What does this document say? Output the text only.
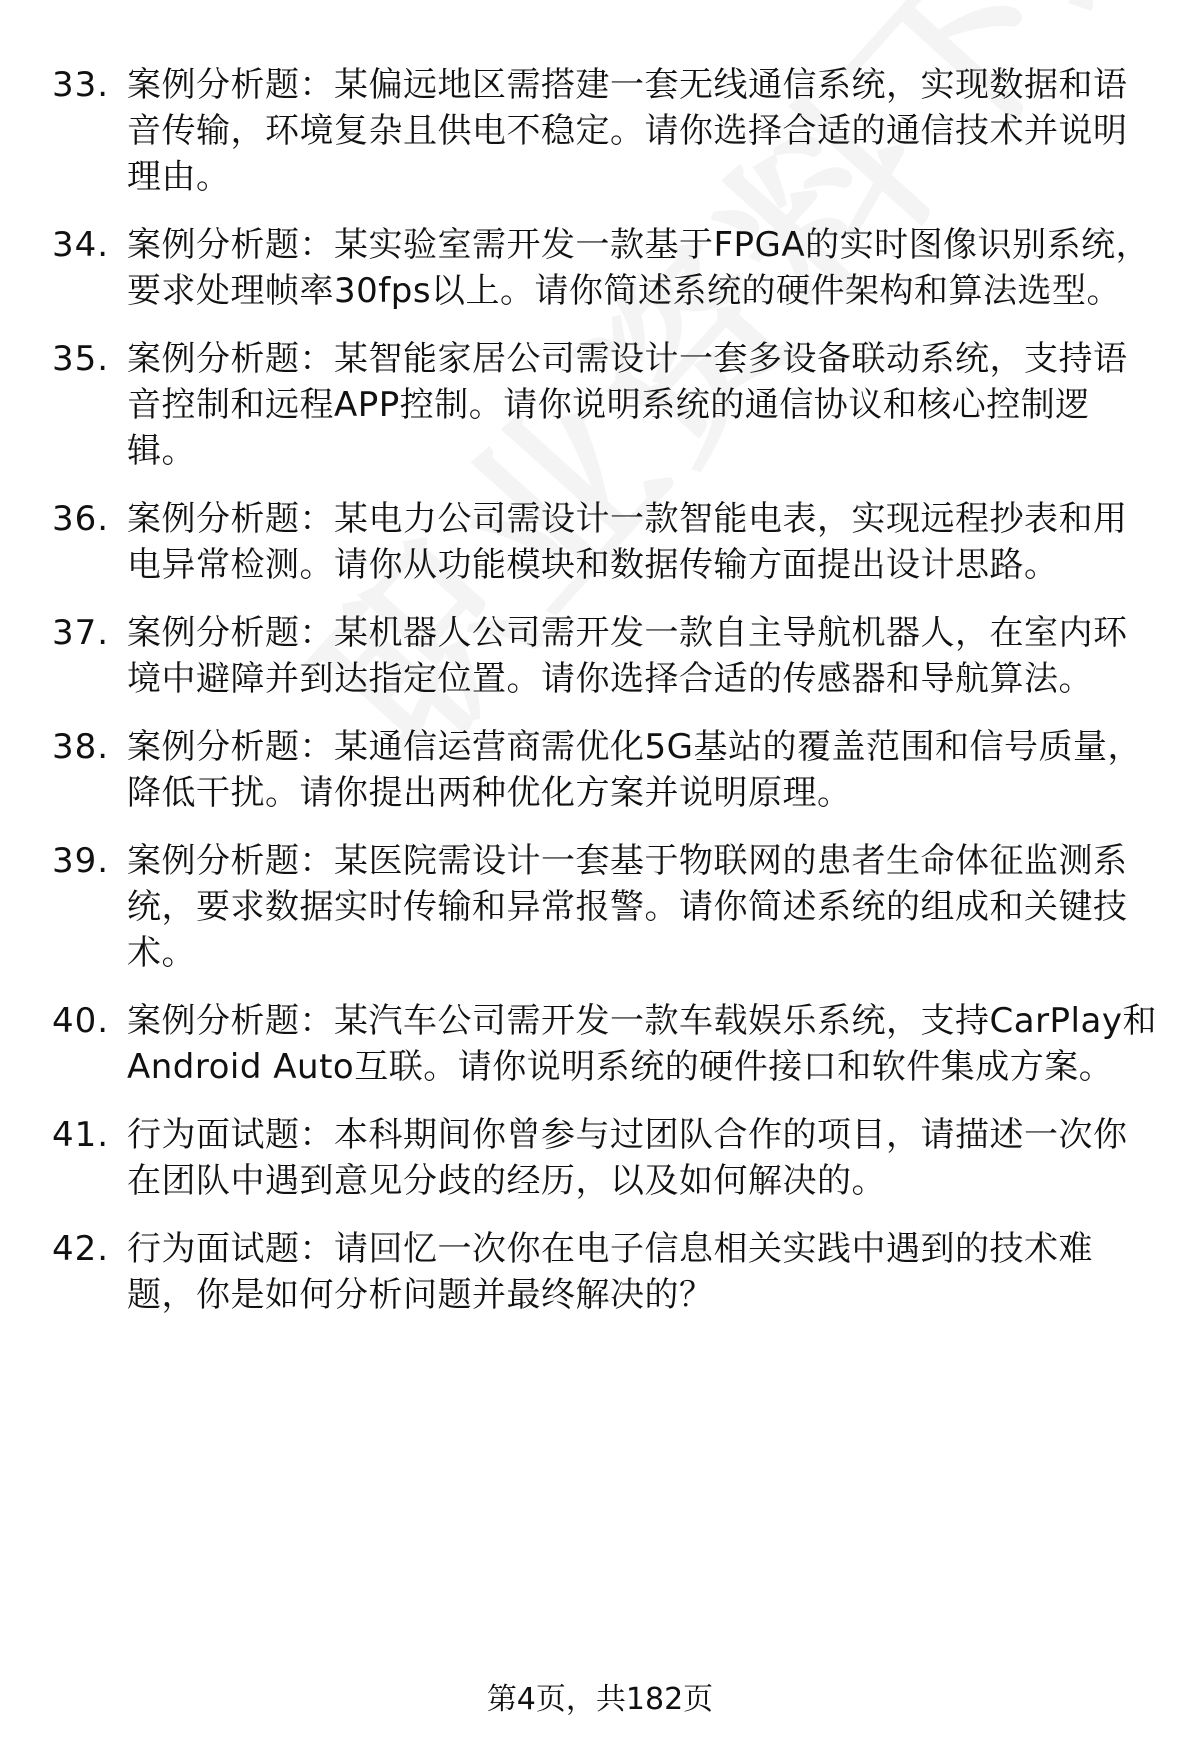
33. 案例分析题：某偏远地区需搭建一套无线通信系统，实现数据和语音传输，环境复杂且供电不稳定。请你选择合适的通信技术并说明理由。
34. 案例分析题：某实验室需开发一款基于FPGA的实时图像识别系统，要求处理帧率30fps以上。请你简述系统的硬件架构和算法选型。
35. 案例分析题：某智能家居公司需设计一套多设备联动系统，支持语音控制和远程APP控制。请你说明系统的通信协议和核心控制逻辑。
36. 案例分析题：某电力公司需设计一款智能电表，实现远程抄表和用电异常检测。请你从功能模块和数据传输方面提出设计思路。
37. 案例分析题：某机器人公司需开发一款自主导航机器人，在室内环境中避障并到达指定位置。请你选择合适的传感器和导航算法。
38. 案例分析题：某通信运营商需优化5G基站的覆盖范围和信号质量，降低干扰。请你提出两种优化方案并说明原理。
39. 案例分析题：某医院需设计一套基于物联网的患者生命体征监测系统，要求数据实时传输和异常报警。请你简述系统的组成和关键技术。
40. 案例分析题：某汽车公司需开发一款车载娱乐系统，支持CarPlay和Android Auto互联。请你说明系统的硬件接口和软件集成方案。
41. 行为面试题：本科期间你曾参与过团队合作的项目，请描述一次你在团队中遇到意见分歧的经历，以及如何解决的。
42. 行为面试题：请回忆一次你在电子信息相关实践中遇到的技术难题，你是如何分析问题并最终解决的？
第4页，共182页
